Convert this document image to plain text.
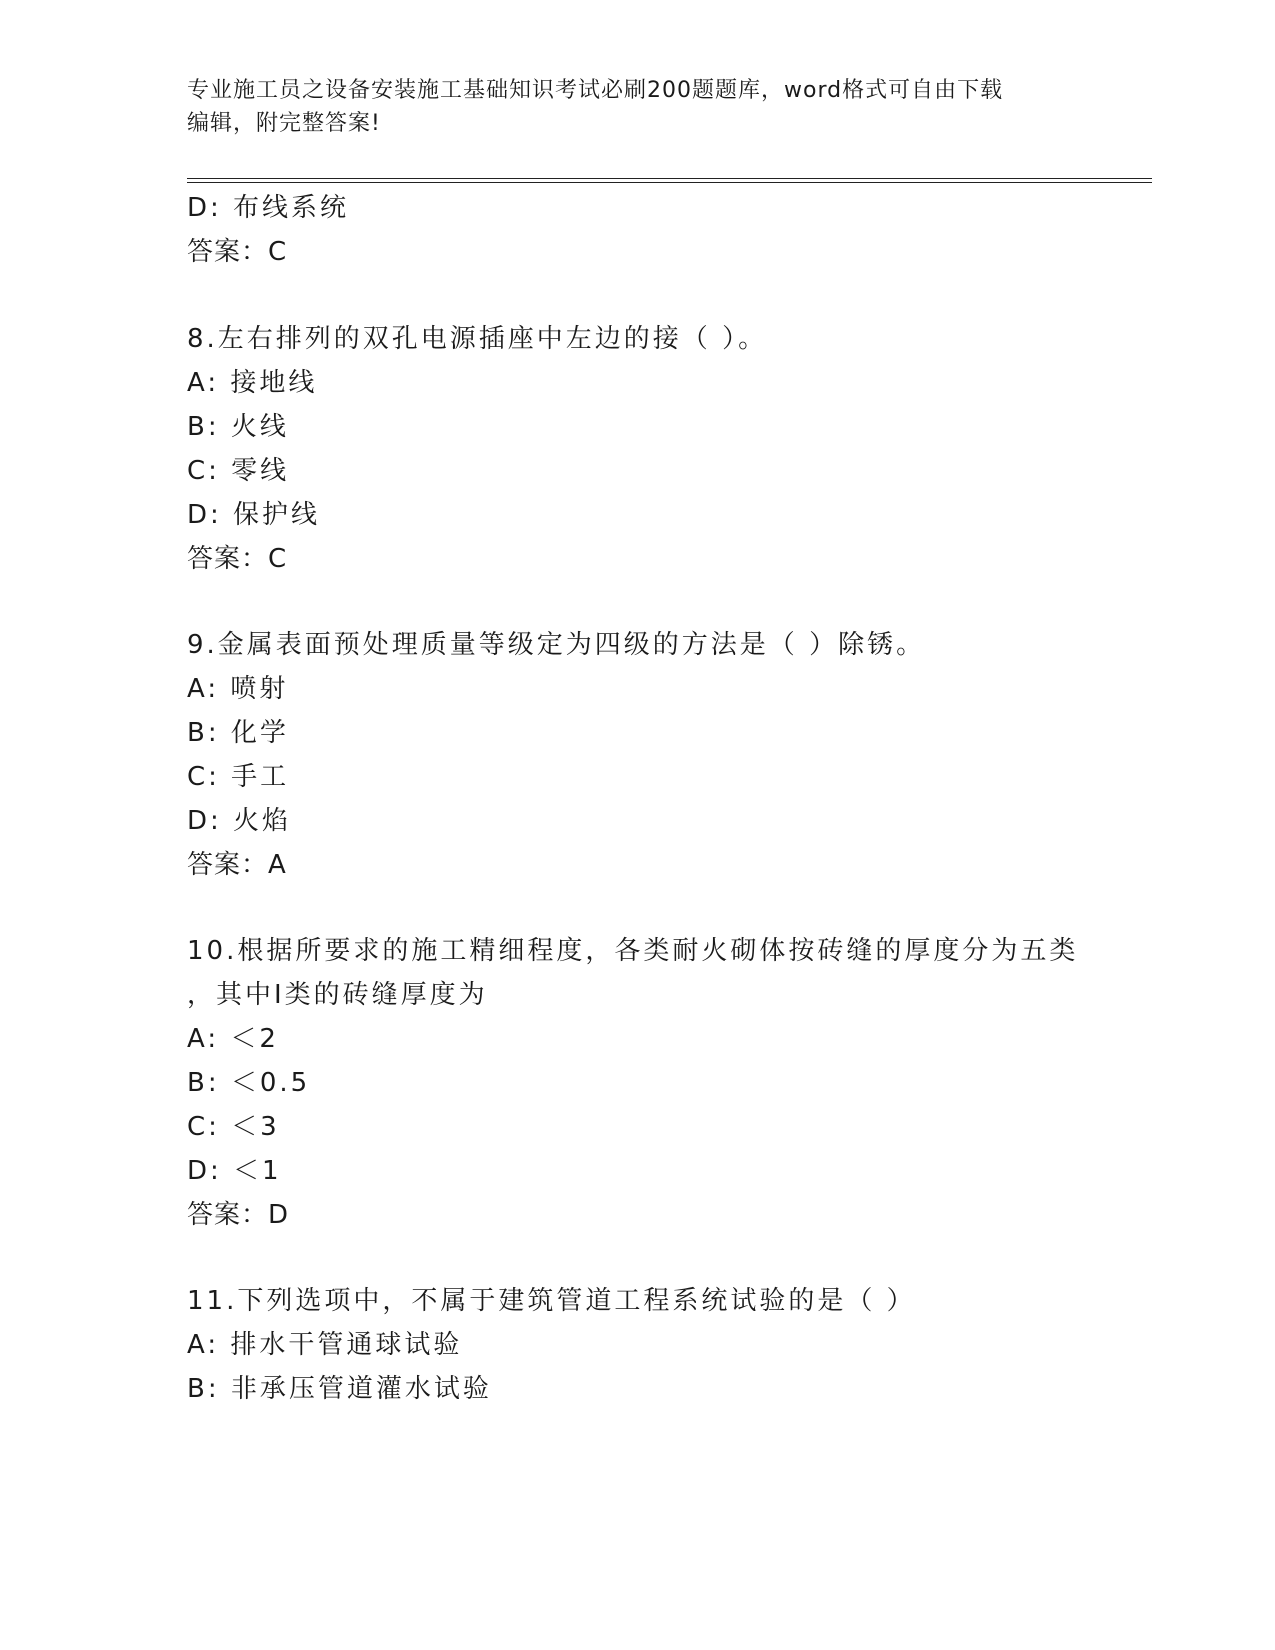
专业施工员之设备安装施工基础知识考试必刷200题题库，word格式可自由下载
编辑，附完整答案!
D: 布线系统
答案：C
8.左右排列的双孔电源插座中左边的接（ ）。
A: 接地线
B: 火线
C: 零线
D: 保护线
答案：C
9.金属表面预处理质量等级定为四级的方法是（ ）除锈。
A: 喷射
B: 化学
C: 手工
D: 火焰
答案：A
10.根据所要求的施工精细程度，各类耐火砌体按砖缝的厚度分为五类
，其中Ⅰ类的砖缝厚度为
A: ＜2
B: ＜0.5
C: ＜3
D: ＜1
答案：D
11.下列选项中，不属于建筑管道工程系统试验的是（ ）
A: 排水干管通球试验
B: 非承压管道灌水试验
